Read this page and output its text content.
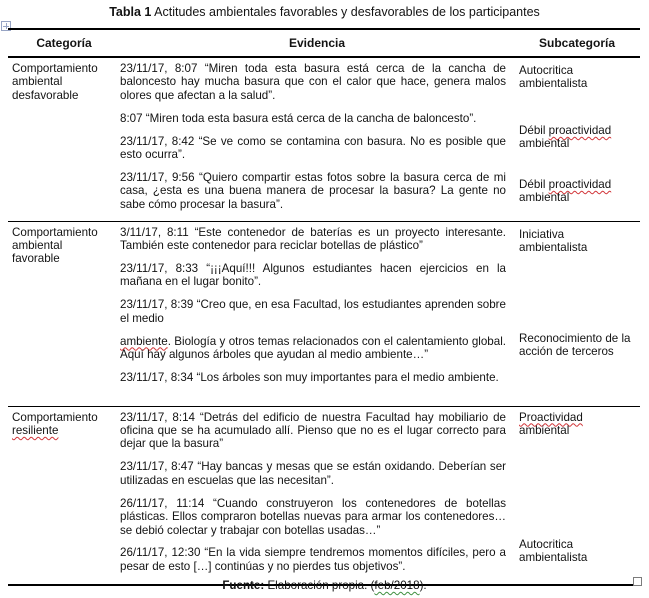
Tabla 1 Actitudes ambientales favorables y desfavorables de los participantes
Categoría	Evidencia	Subcategoría
Comportamiento ambiental desfavorable

23/11/17, 8:07 “Miren toda esta basura está cerca de la cancha de baloncesto hay mucha basura que con el calor que hace, genera malos olores que afectan a la salud”.

8:07 “Miren toda esta basura está cerca de la cancha de baloncesto”.

23/11/17, 8:42 “Se ve como se contamina con basura. No es posible que esto ocurra”.

23/11/17, 9:56 “Quiero compartir estas fotos sobre la basura cerca de mi casa, ¿esta es una buena manera de procesar la basura? La gente no sabe cómo procesar la basura”.

Autocritica ambientalista
Débil proactividad ambiental
Débil proactividad ambiental
Comportamiento ambiental favorable

3/11/17, 8:11 “Este contenedor de baterías es un proyecto interesante. También este contenedor para reciclar botellas de plástico”

23/11/17, 8:33 “¡¡¡Aquí!!! Algunos estudiantes hacen ejercicios en la mañana en el lugar bonito”.

23/11/17, 8:39 “Creo que, en esa Facultad, los estudiantes aprenden sobre el medio

ambiente. Biología y otros temas relacionados con el calentamiento global. Aquí hay algunos árboles que ayudan al medio ambiente…”

23/11/17, 8:34 “Los árboles son muy importantes para el medio ambiente.

Iniciativa ambientalista
Reconocimiento de la acción de terceros
Comportamiento resiliente

23/11/17, 8:14 “Detrás del edificio de nuestra Facultad hay mobiliario de oficina que se ha acumulado allí. Pienso que no es el lugar correcto para dejar que la basura”

23/11/17, 8:47 “Hay bancas y mesas que se están oxidando. Deberían ser utilizadas en escuelas que las necesitan”.

26/11/17, 11:14 “Cuando construyeron los contenedores de botellas plásticas. Ellos compraron botellas nuevas para armar los contenedores…se debió colectar y trabajar con botellas usadas…”

26/11/17, 12:30 “En la vida siempre tendremos momentos difíciles, pero a pesar de esto […] continúas y no pierdes tus objetivos”.

Proactividad ambiental
Autocritica ambientalista
Fuente: Elaboración propia. (feb/2018).
